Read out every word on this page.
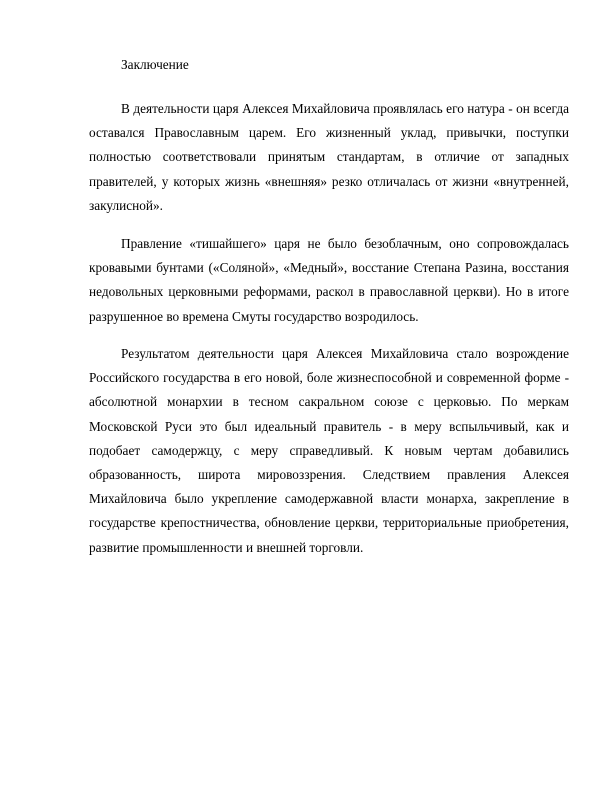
Заключение

В деятельности царя Алексея Михайловича проявлялась его натура - он всегда оставался Православным царем. Его жизненный уклад, привычки, поступки полностью соответствовали принятым стандартам, в отличие от западных правителей, у которых жизнь «внешняя» резко отличалась от жизни «внутренней, закулисной».

Правление «тишайшего» царя не было безоблачным, оно сопровождалась кровавыми бунтами («Соляной», «Медный», восстание Степана Разина, восстания недовольных церковными реформами, раскол в православной церкви). Но в итоге разрушенное во времена Смуты государство возродилось.

Результатом деятельности царя Алексея Михайловича стало возрождение Российского государства в его новой, боле жизнеспособной и современной форме - абсолютной монархии в тесном сакральном союзе с церковью. По меркам Московской Руси это был идеальный правитель - в меру вспыльчивый, как и подобает самодержцу, с меру справедливый. К новым чертам добавились образованность, широта мировоззрения. Следствием правления Алексея Михайловича было укрепление самодержавной власти монарха, закрепление в государстве крепостничества, обновление церкви, территориальные приобретения, развитие промышленности и внешней торговли.
